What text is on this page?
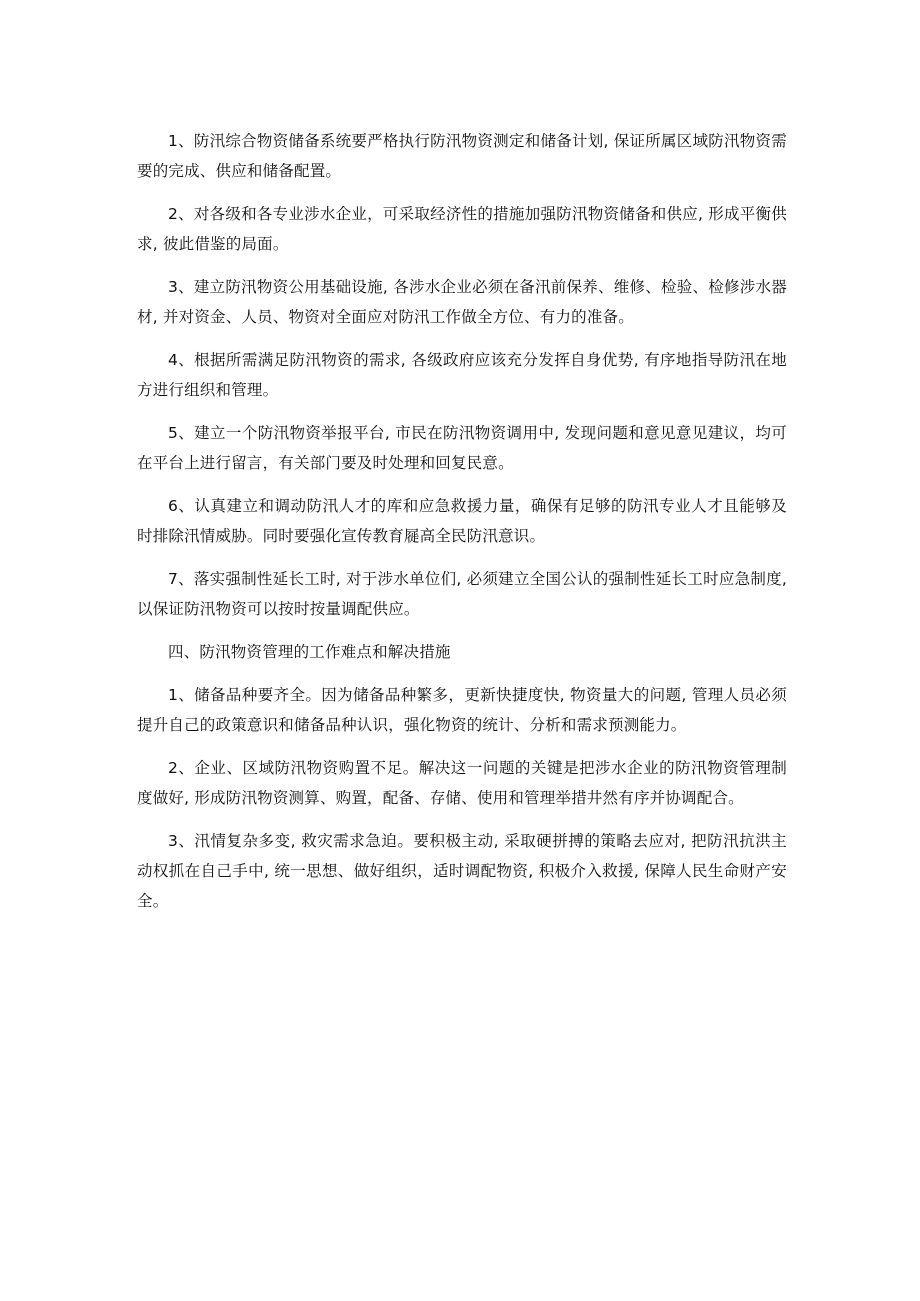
1、防汛综合物资储备系统要严格执行防汛物资测定和储备计划, 保证所属区域防汛物资需要的完成、供应和储备配置。

2、对各级和各专业涉水企业，可采取经济性的措施加强防汛物资储备和供应, 形成平衡供求, 彼此借鉴的局面。

3、建立防汛物资公用基础设施, 各涉水企业必须在备汛前保养、维修、检验、检修涉水器材, 并对资金、人员、物资对全面应对防汛工作做全方位、有力的准备。

4、根据所需满足防汛物资的需求, 各级政府应该充分发挥自身优势, 有序地指导防汛在地方进行组织和管理。

5、建立一个防汛物资举报平台, 市民在防汛物资调用中, 发现问题和意见意见建议，均可在平台上进行留言，有关部门要及时处理和回复民意。

6、认真建立和调动防汛人才的库和应急救援力量，确保有足够的防汛专业人才且能够及时排除汛情威胁。同时要强化宣传教育屣高全民防汛意识。

7、落实强制性延长工时, 对于涉水单位们, 必须建立全国公认的强制性延长工时应急制度, 以保证防汛物资可以按时按量调配供应。

四、防汛物资管理的工作难点和解决措施

1、储备品种要齐全。因为储备品种繁多，更新快捷度快, 物资量大的问题, 管理人员必须提升自己的政策意识和储备品种认识，强化物资的统计、分析和需求预测能力。

2、企业、区域防汛物资购置不足。解决这一问题的关键是把涉水企业的防汛物资管理制度做好, 形成防汛物资测算、购置，配备、存储、使用和管理举措井然有序并协调配合。

3、汛情复杂多变, 救灾需求急迫。要积极主动, 采取硬拼搏的策略去应对, 把防汛抗洪主动权抓在自己手中, 统一思想、做好组织，适时调配物资, 积极介入救援, 保障人民生命财产安全。
